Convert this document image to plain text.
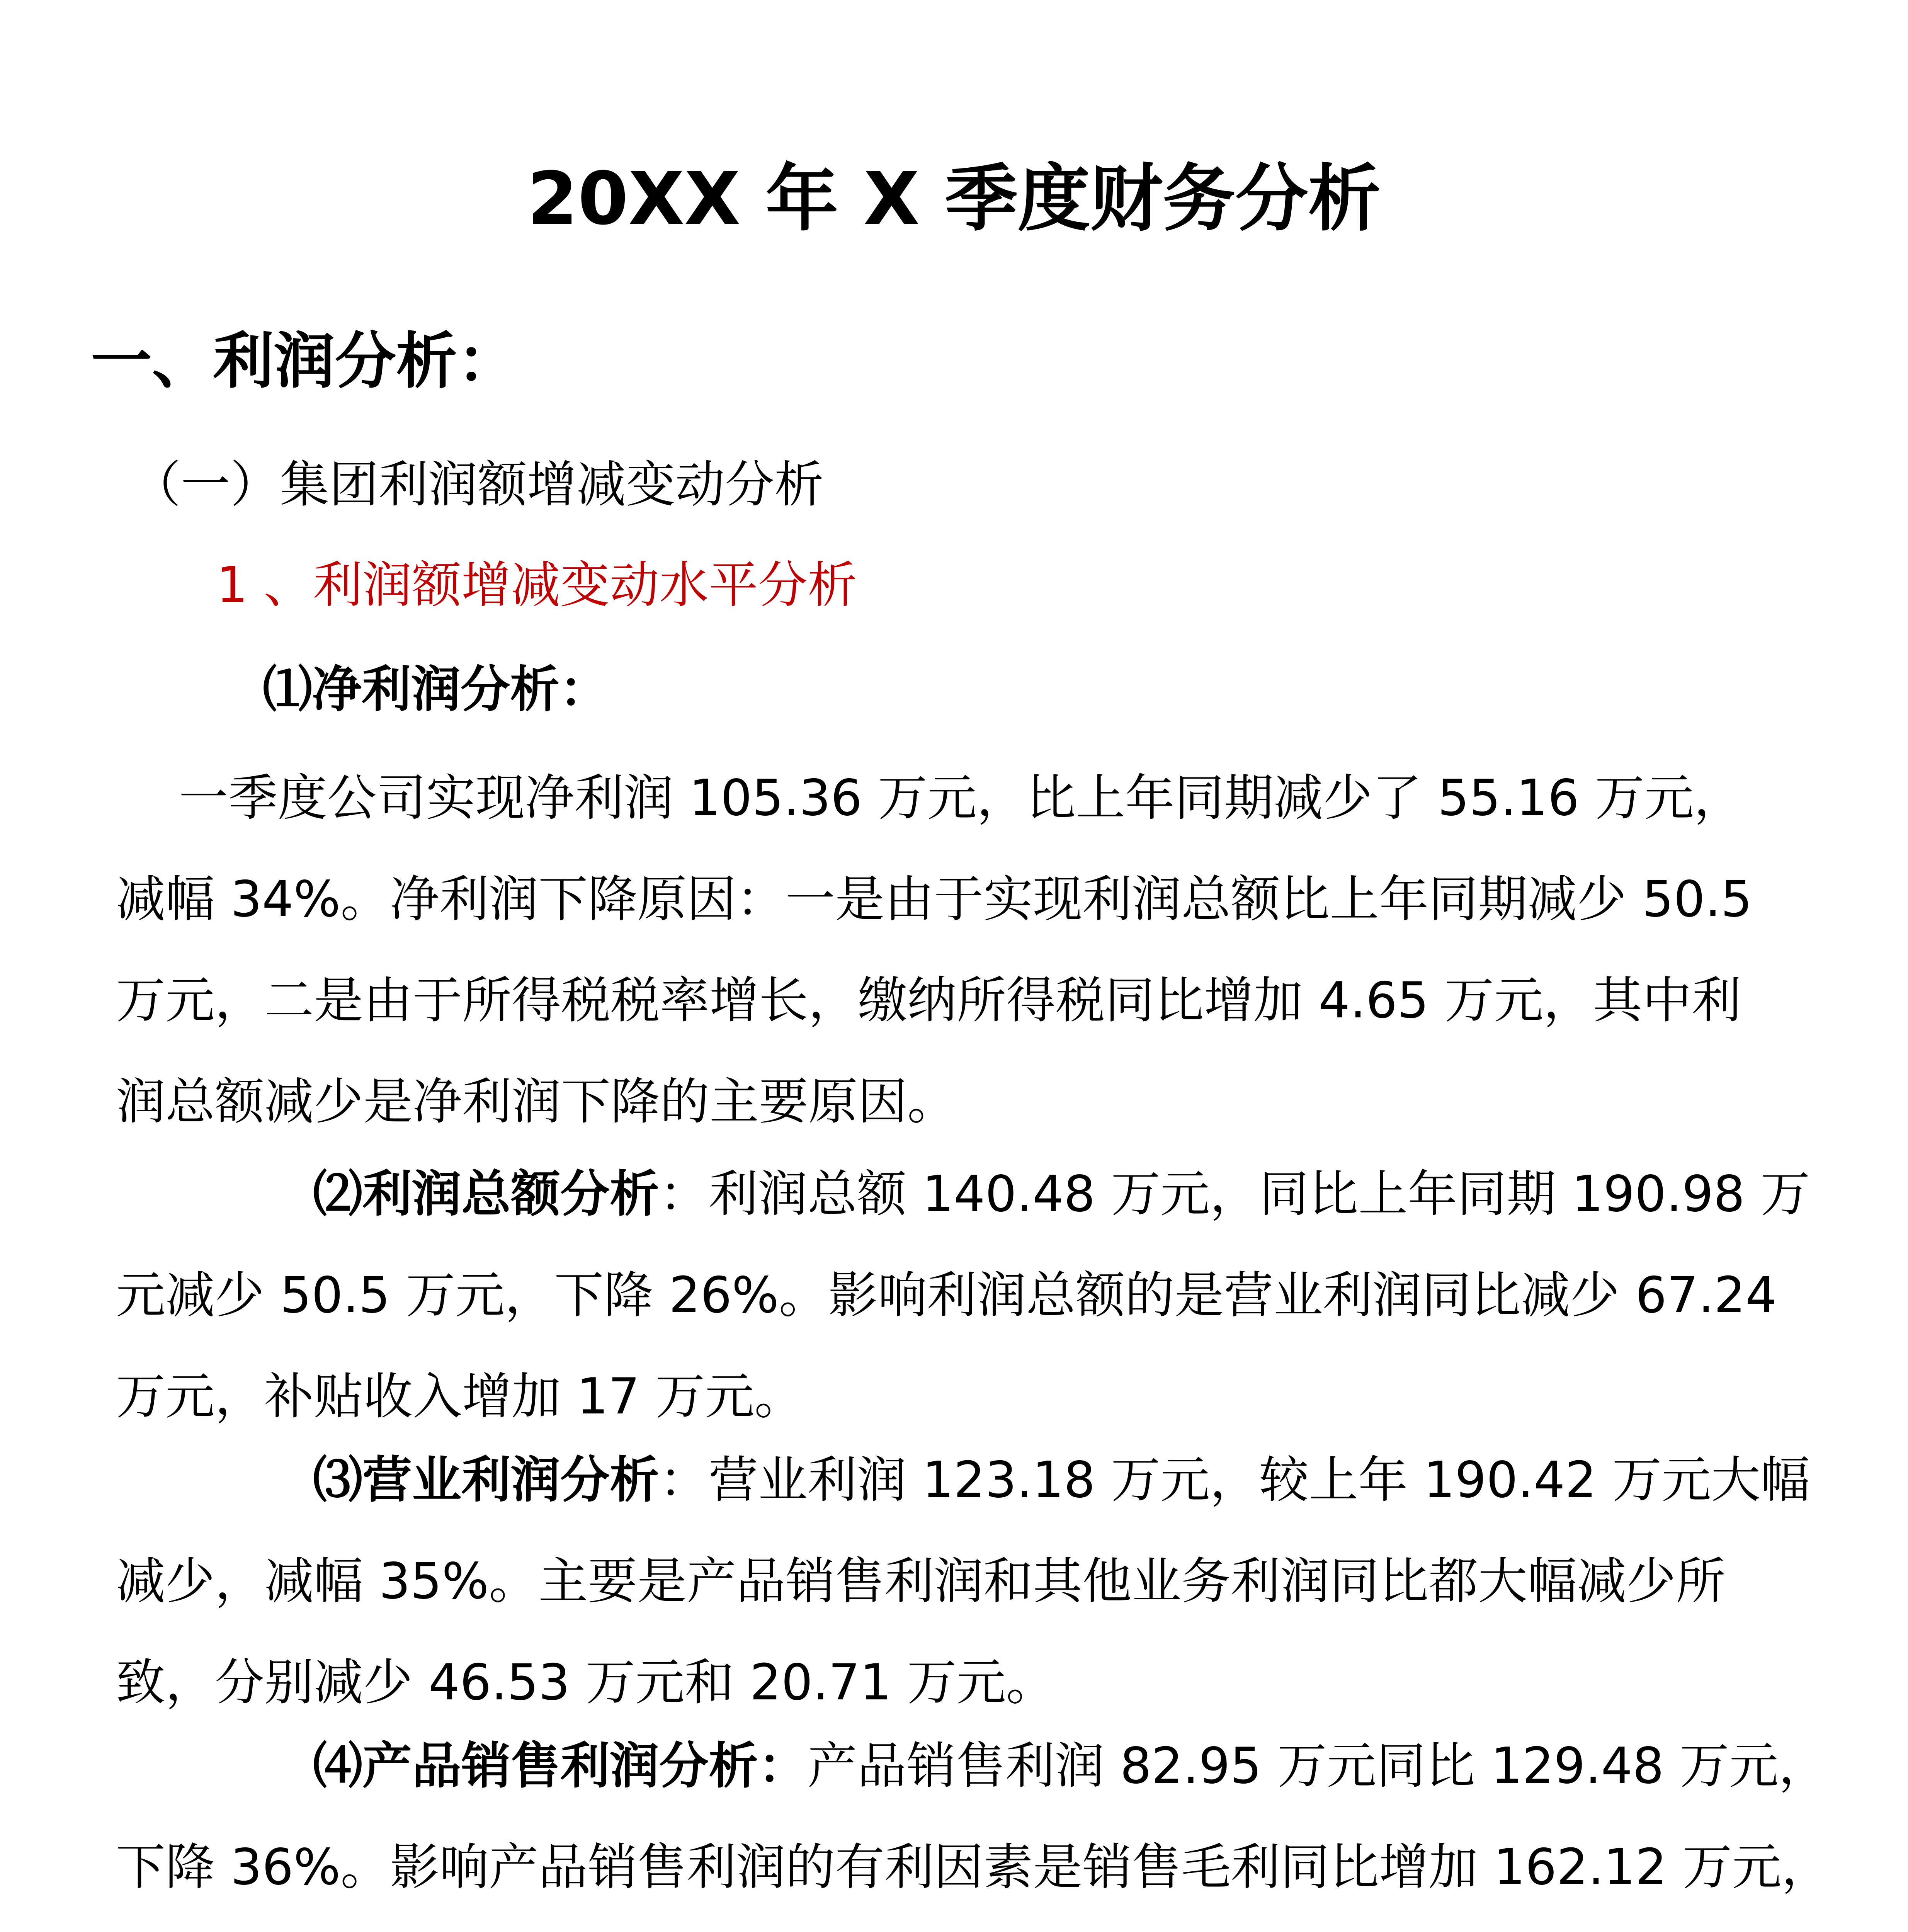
20XX 年 X 季度财务分析
一、利润分析：
（一）集团利润额增减变动分析
1 、利润额增减变动水平分析
⑴净利润分析：
一季度公司实现净利润 105.36 万元，比上年同期减少了 55.16 万元，
减幅 34%。净利润下降原因：一是由于实现利润总额比上年同期减少 50.5
万元，二是由于所得税税率增长，缴纳所得税同比增加 4.65 万元，其中利
润总额减少是净利润下降的主要原因。
⑵利润总额分析：利润总额 140.48 万元，同比上年同期 190.98 万
元减少 50.5 万元，下降 26%。影响利润总额的是营业利润同比减少 67.24
万元，补贴收入增加 17 万元。
⑶营业利润分析：营业利润 123.18 万元，较上年 190.42 万元大幅
减少，减幅 35%。主要是产品销售利润和其他业务利润同比都大幅减少所
致，分别减少 46.53 万元和 20.71 万元。
⑷产品销售利润分析：产品销售利润 82.95 万元同比 129.48 万元，
下降 36%。影响产品销售利润的有利因素是销售毛利同比增加 162.12 万元，
